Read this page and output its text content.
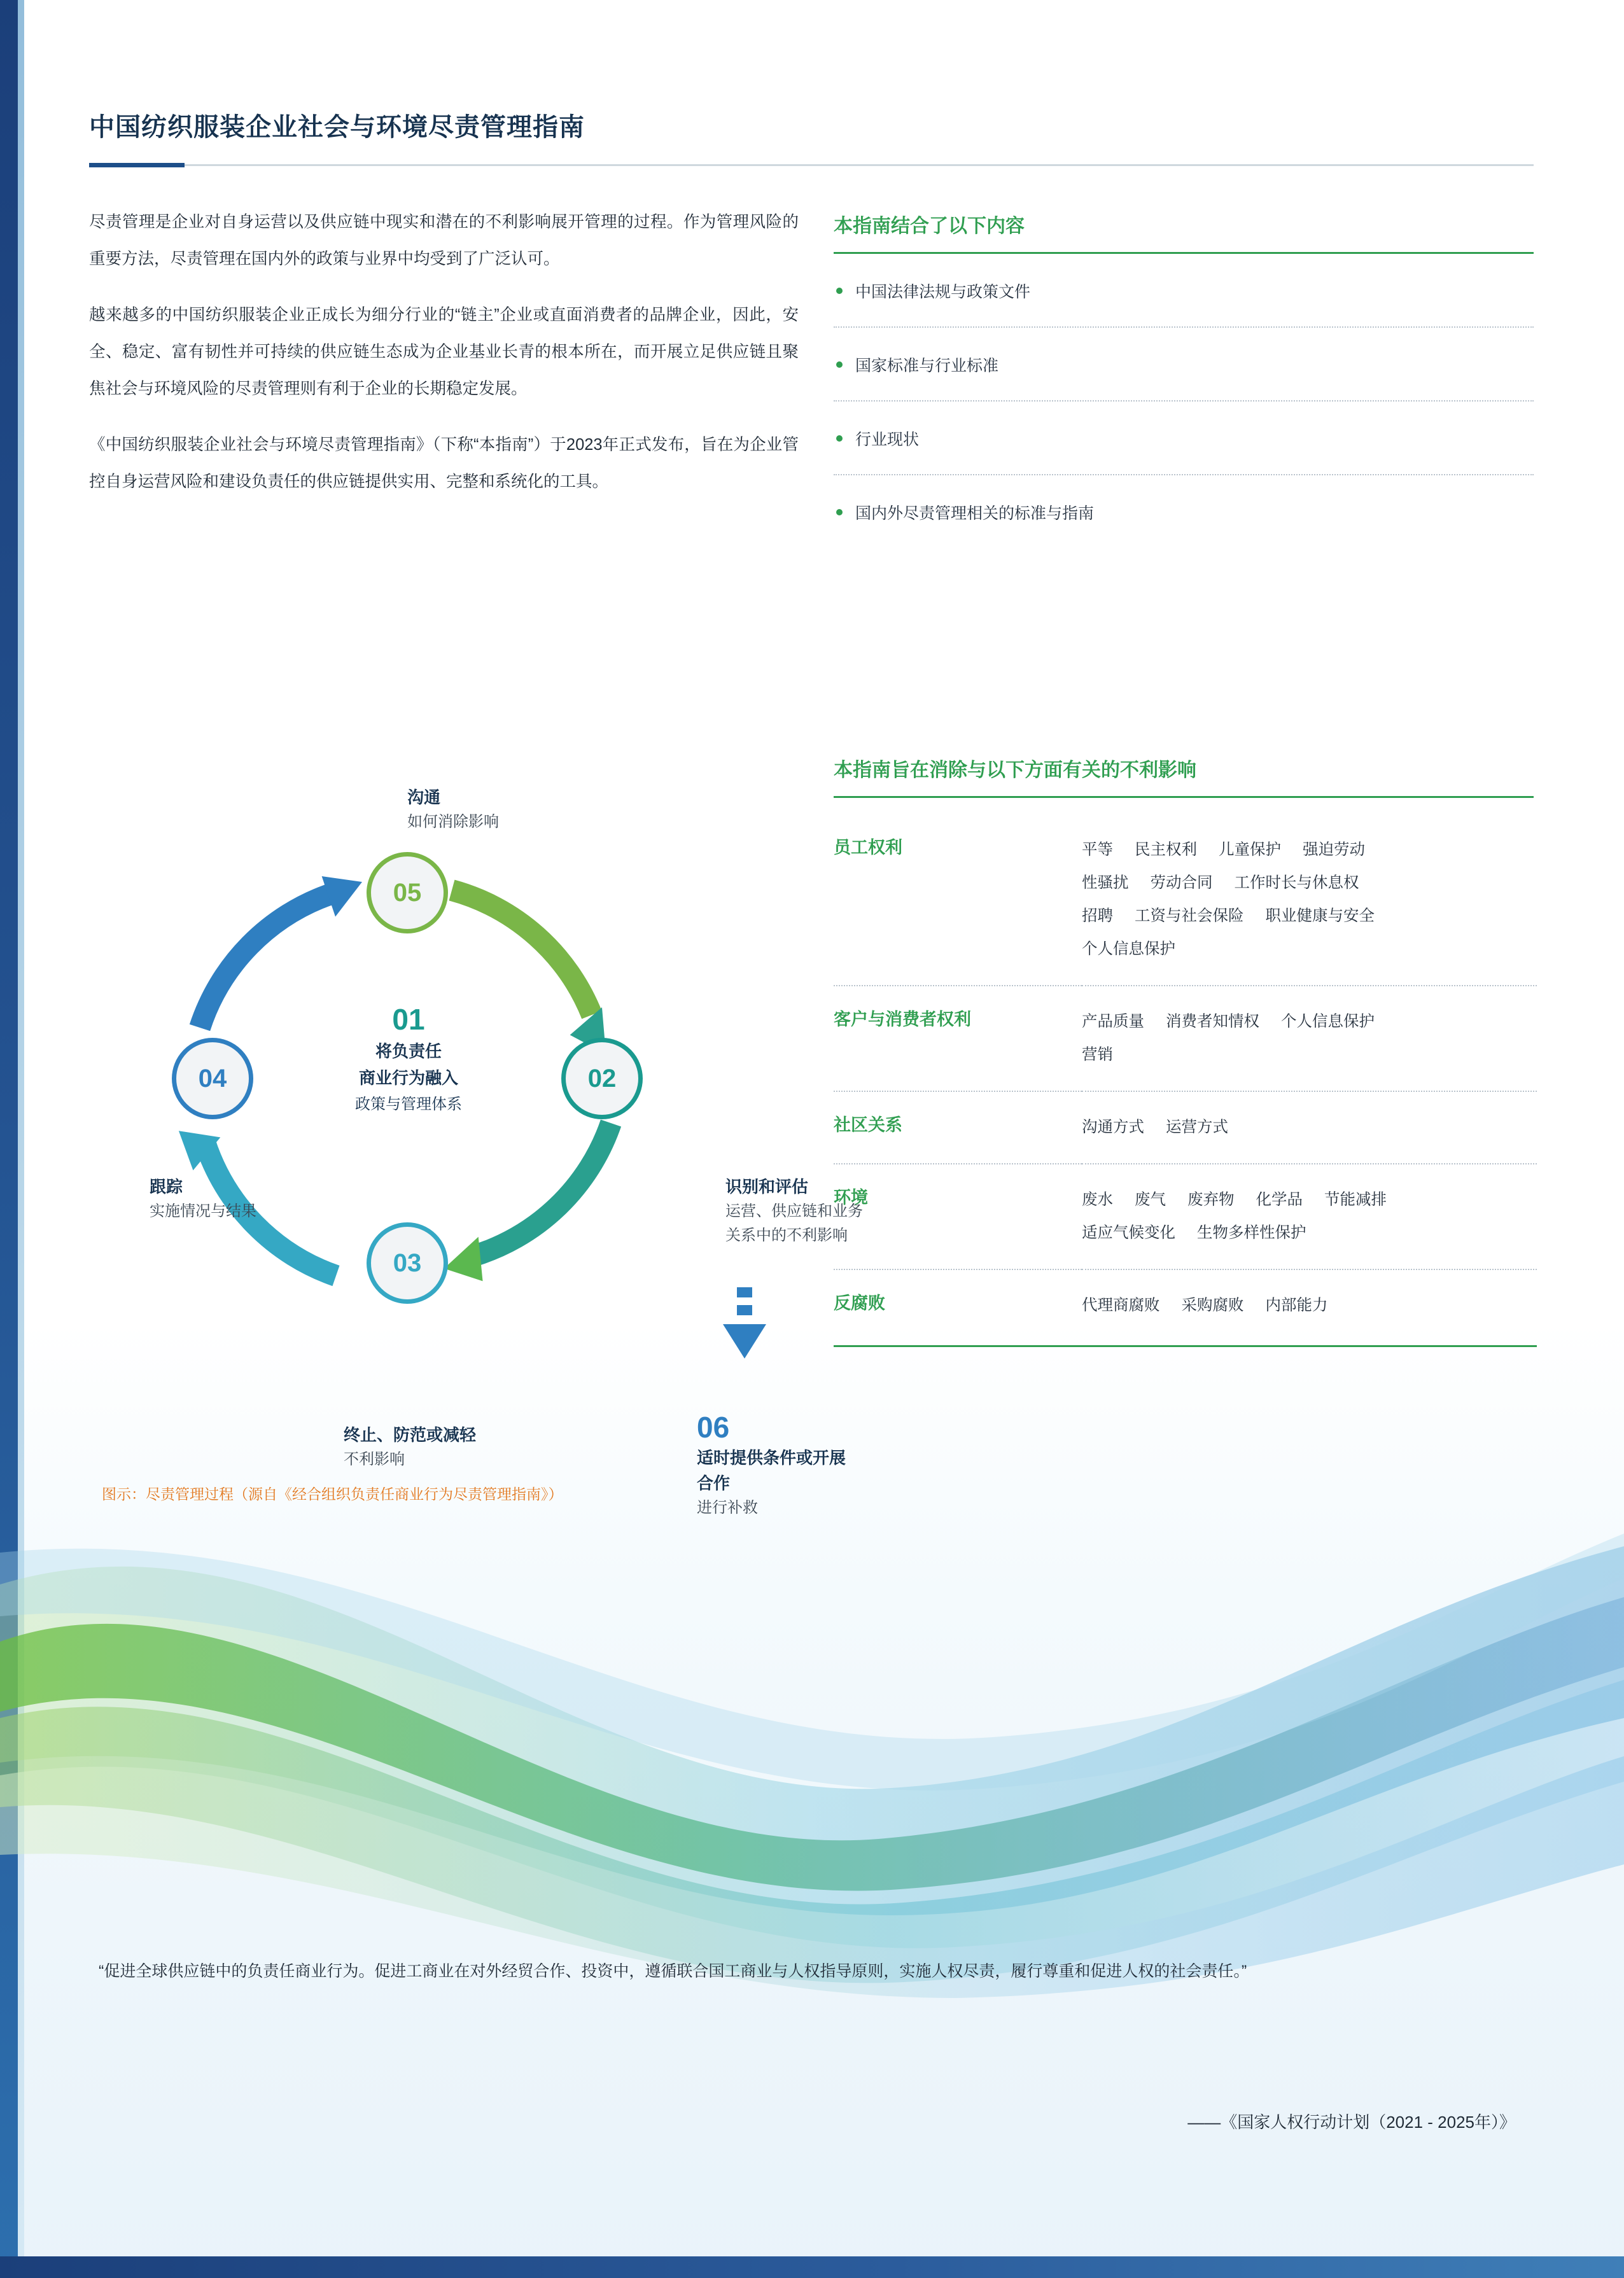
中国纺织服装企业社会与环境尽责管理指南

尽责管理是企业对自身运营以及供应链中现实和潜在的不利影响展开管理的过程。作为管理风险的重要方法，尽责管理在国内外的政策与业界中均受到了广泛认可。

越来越多的中国纺织服装企业正成长为细分行业的“链主”企业或直面消费者的品牌企业，因此，安全、稳定、富有韧性并可持续的供应链生态成为企业基业长青的根本所在，而开展立足供应链且聚焦社会与环境风险的尽责管理则有利于企业的长期稳定发展。

《中国纺织服装企业社会与环境尽责管理指南》（下称“本指南”）于2023年正式发布，旨在为企业管控自身运营风险和建设负责任的供应链提供实用、完整和系统化的工具。

本指南结合了以下内容
中国法律法规与政策文件
国家标准与行业标准
行业现状
国内外尽责管理相关的标准与指南
本指南旨在消除与以下方面有关的不利影响
员工权利	平等 民主权利 儿童保护 强迫劳动
性骚扰 劳动合同 工作时长与休息权
招聘 工资与社会保险 职业健康与安全
个人信息保护
客户与消费者权利	产品质量 消费者知情权 个人信息保护
营销
社区关系	沟通方式 运营方式
环境	废水 废气 废弃物 化学品 节能减排
适应气候变化 生物多样性保护
反腐败	代理商腐败 采购腐败 内部能力
05
02
03
04
01
将负责任
商业行为融入
政策与管理体系
沟通
如何消除影响
识别和评估
运营、供应链和业务关系中的不利影响
终止、防范或减轻
不利影响
跟踪
实施情况与结果
06
适时提供条件或开展合作
进行补救
图示：尽责管理过程（源自《经合组织负责任商业行为尽责管理指南》）
“促进全球供应链中的负责任商业行为。促进工商业在对外经贸合作、投资中，遵循联合国工商业与人权指导原则，实施人权尽责，履行尊重和促进人权的社会责任。”
——《国家人权行动计划（2021 - 2025年）》
